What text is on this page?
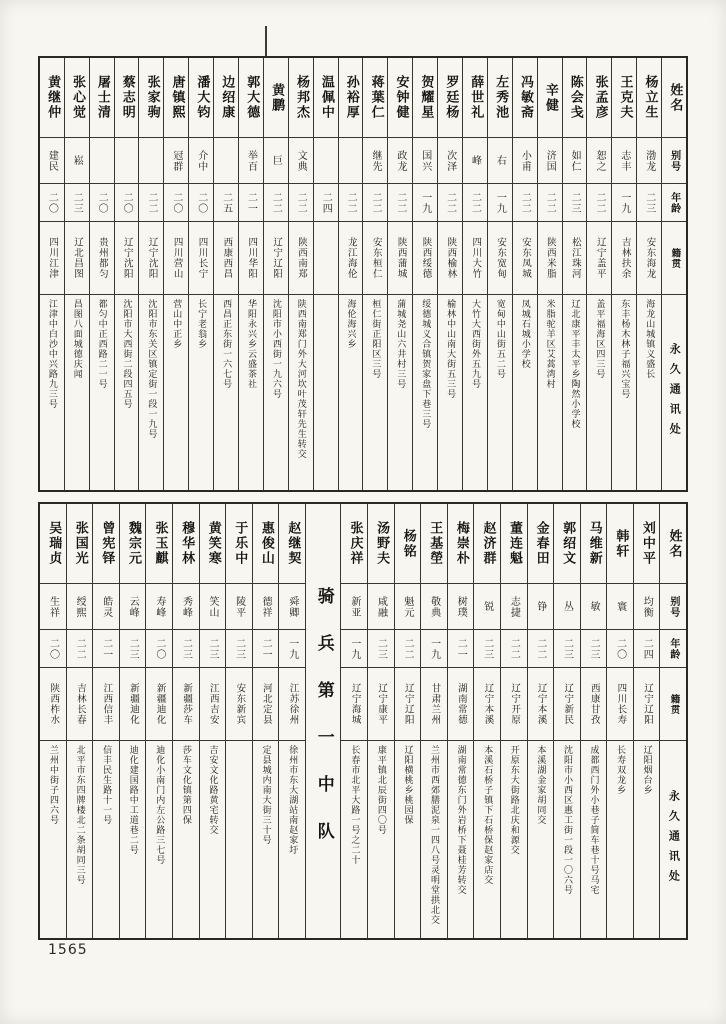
姓名
别号
年龄
籍贯
永久通讯处
杨立生
渤龙
二三
安东海龙
海龙山城镇义盛长
王克夫
志丰
一九
吉林扶余
东丰杨木林子福兴宝号
张孟彦
恕之
二二
辽宁盖平
盖平福海区四三号
陈会戋
如仁
二三
松江珠河
辽北康平丰太平乡陶然小学校
辛健
济国
二二
陕西米脂
米脂驼羊区艾蒿湾村
冯敏斋
小甫
二二
安东凤城
凤城石城小学校
左秀池
右
一九
安东宽甸
宽甸中山街五二号
薛世礼
峰
二二
四川大竹
大竹大西街外五九号
罗廷杨
次泽
二二
陕西榆林
榆林中山南大街五三号
贺耀星
国兴
一九
陕西绥德
绥德城义合镇贺家盘下巷三号
安钟健
政龙
二二
陕西蒲城
蒲城尧山六井村三号
蒋葉仁
继先
二二
安东桓仁
桓仁街正阳区三号
孙裕厚
二二
龙江海伦
海伦海兴乡
温佩中
二四
杨邦杰
文典
二二
陕西南郑
陕西南郑门外大河坎叶茂轩先生转交
黄鹏
巨
二二
辽宁辽阳
沈阳市小西街一九六号
郭大德
举百
二一
四川华阳
华阳永兴乡云盛茶社
边绍康
二五
西康西昌
西昌正东街一六七号
潘大钧
介中
二〇
四川长宁
长宁老翁乡
唐镇熙
冠群
二〇
四川营山
营山中正乡
张家驹
二二
辽宁沈阳
沈阳市东关区镇定街一段一九号
蔡志明
二〇
辽宁沈阳
沈阳市大西街二段四五号
屠士清
二〇
贵州都匀
都匀中正西路二一号
张心觉
崧
二三
辽北昌图
昌图八面城德庆闻
黄继仲
建民
二〇
四川江津
江津中白沙中兴路九三号
姓名
别号
年龄
籍贯
永久通讯处
刘中平
均衡
二四
辽宁辽阳
辽阳烟台乡
韩轩
寰
二〇
四川长寿
长寿双龙乡
马维新
敏
二三
西康甘孜
成都西门外小巷子简车巷十号马宅
郭绍文
丛
二三
辽宁新民
沈阳市小西区惠工街一段一〇六号
金春田
铮
二二
辽宁本溪
本溪湖金家胡同交
董连魁
志捷
二二
辽宁开原
开原东大街路北庆和源交
赵济群
锐
二三
辽宁本溪
本溪石桥子镇下石桥保赵家店交
梅崇朴
树璞
二一
湖南常德
湖南常德东门外岩桥下聂桂芳转交
王基塋
敬典
一九
甘肃兰州
兰州市西郊膳泥泉一四八号灵明堂拱北交
杨铭
魁元
二二
辽宁辽阳
辽阳横桃乡桃园保
汤野夫
咸融
二三
辽宁康平
康平镇北辰街四〇号
张庆祥
新亚
一九
辽宁海城
长春市北平大路一号之二十
骑兵第一中队
赵继契
舜卿
一九
江苏徐州
徐州市东大湖站南赵家圩
惠俊山
德祥
二一
河北定县
定县城内南大街三十号
于乐中
陵平
二三
安东新宾
黄笑寒
笑山
二三
江西吉安
吉安文化路黄宅转交
穆华林
秀峰
二三
新疆莎车
莎车文化镇第四保
张玉麒
寿峰
二〇
新疆迪化
迪化小南门内左公路三七号
魏宗元
云峰
二三
新疆迪化
迪化建国路中工道巷二号
曾宪铎
皓灵
二一
江西信丰
信丰民生路十一号
张国光
绶熙
二二
吉林长春
北平市东四牌楼北二条胡同三号
吴瑞贞
生祥
二〇
陕西柞水
兰州中街子四六号
1565
